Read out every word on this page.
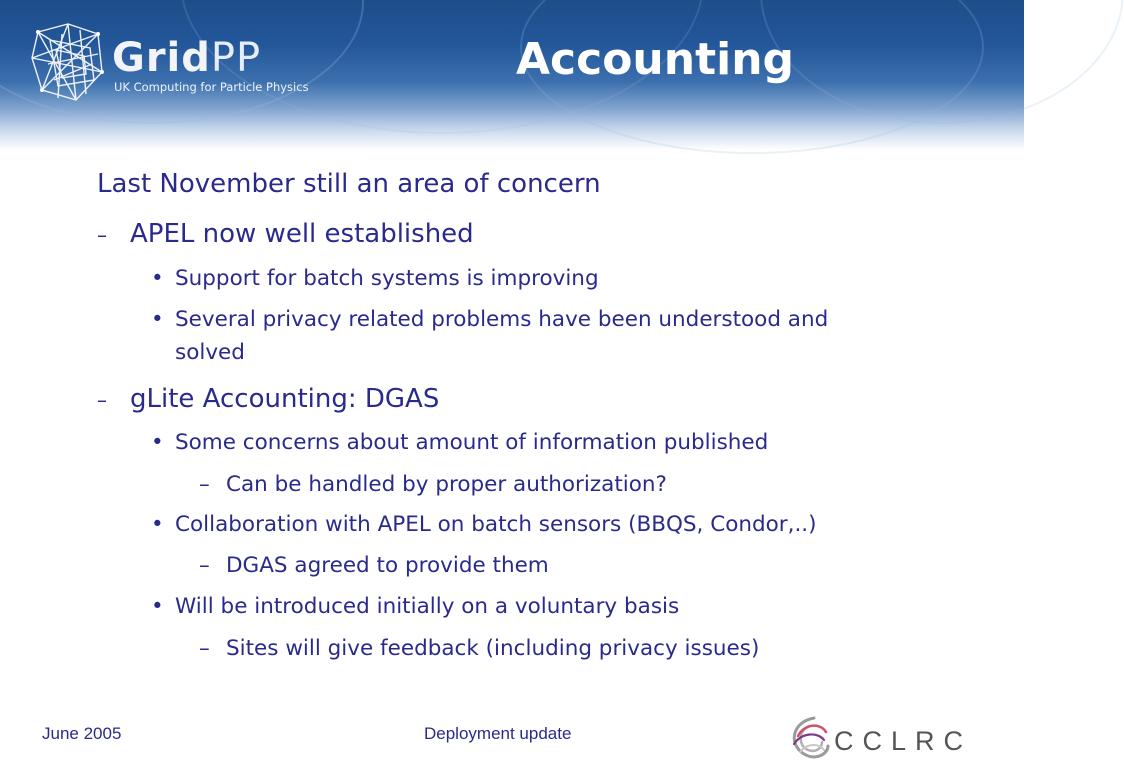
GridPP
UK Computing for Particle Physics
Accounting
Last November still an area of concern
– APEL now well established
• Support for batch systems is improving
• Several privacy related problems have been understood and
solved
– gLite Accounting: DGAS
• Some concerns about amount of information published
– Can be handled by proper authorization?
• Collaboration with APEL on batch sensors (BBQS, Condor,..)
– DGAS agreed to provide them
• Will be introduced initially on a voluntary basis
– Sites will give feedback (including privacy issues)
June 2005	Deployment update	CCLRC
